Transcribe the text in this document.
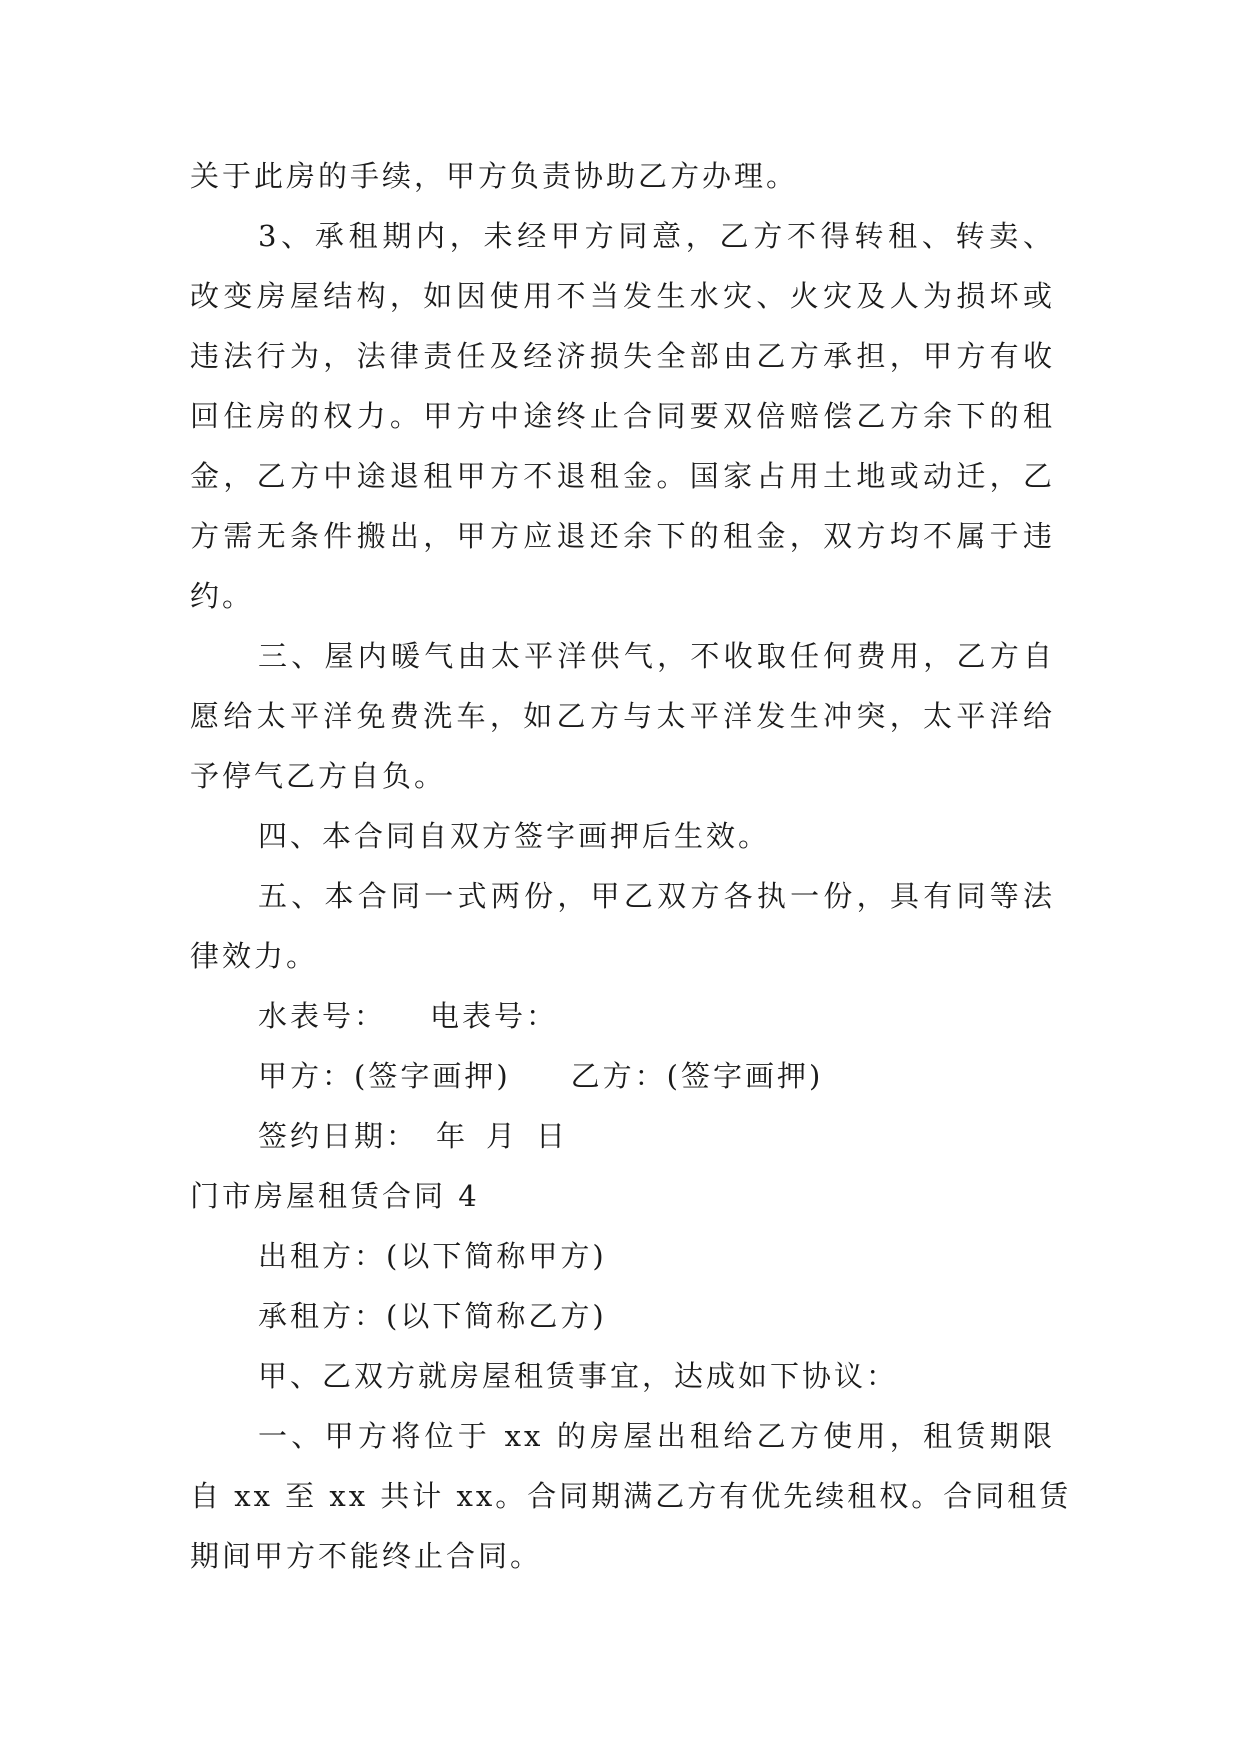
关于此房的手续，甲方负责协助乙方办理。

3、承租期内，未经甲方同意，乙方不得转租、转卖、

改变房屋结构，如因使用不当发生水灾、火灾及人为损坏或

违法行为，法律责任及经济损失全部由乙方承担，甲方有收

回住房的权力。甲方中途终止合同要双倍赔偿乙方余下的租

金，乙方中途退租甲方不退租金。国家占用土地或动迁，乙

方需无条件搬出，甲方应退还余下的租金，双方均不属于违

约。

三、屋内暖气由太平洋供气，不收取任何费用，乙方自

愿给太平洋免费洗车，如乙方与太平洋发生冲突，太平洋给

予停气乙方自负。

四、本合同自双方签字画押后生效。

五、本合同一式两份，甲乙双方各执一份，具有同等法

律效力。

水表号： 电表号：

甲方：(签字画押) 乙方：(签字画押)

签约日期： 年 月 日

门市房屋租赁合同 4

出租方：(以下简称甲方)

承租方：(以下简称乙方)

甲、乙双方就房屋租赁事宜，达成如下协议：

一、甲方将位于 xx 的房屋出租给乙方使用，租赁期限

自 xx 至 xx 共计 xx。合同期满乙方有优先续租权。合同租赁

期间甲方不能终止合同。
